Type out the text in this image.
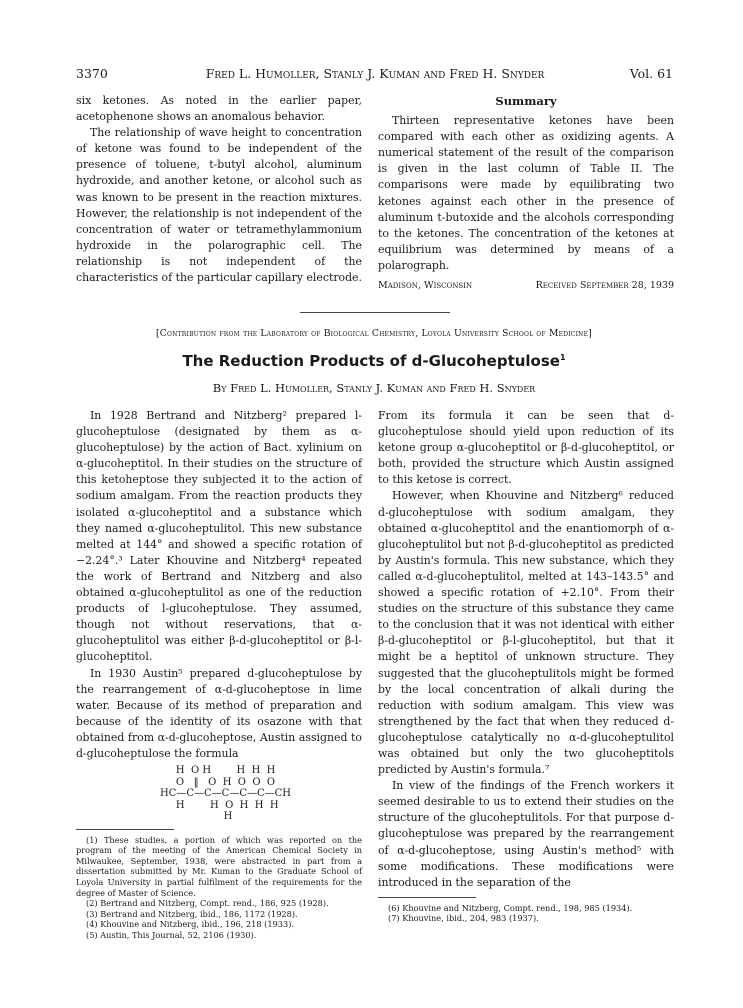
3370	Fred L. Humoller, Stanly J. Kuman and Fred H. Snyder	Vol. 61

six ketones. As noted in the earlier paper, acetophenone shows an anomalous behavior.

The relationship of wave height to concentration of ketone was found to be independent of the presence of toluene, t-butyl alcohol, aluminum hydroxide, and another ketone, or alcohol such as was known to be present in the reaction mixtures. However, the relationship is not independent of the concentration of water or tetramethylammonium hydroxide in the polarographic cell. The relationship is not independent of the characteristics of the particular capillary electrode.

Summary

Thirteen representative ketones have been compared with each other as oxidizing agents. A numerical statement of the result of the comparison is given in the last column of Table II. The comparisons were made by equilibrating two ketones against each other in the presence of aluminum t-butoxide and the alcohols corresponding to the ketones. The concentration of the ketones at equilibrium was determined by means of a polarograph.

Madison, Wisconsin	Received September 28, 1939
[Contribution from the Laboratory of Biological Chemistry, Loyola University School of Medicine]
The Reduction Products of d-Glucoheptulose$^1$
By Fred L. Humoller, Stanly J. Kuman and Fred H. Snyder

In 1928 Bertrand and Nitzberg² prepared l-glucoheptulose (designated by them as α-glucoheptulose) by the action of Bact. xylinium on α-glucoheptitol. In their studies on the structure of this ketoheptose they subjected it to the action of sodium amalgam. From the reaction products they isolated α-glucoheptitol and a substance which they named α-glucoheptulitol. This new substance melted at 144° and showed a specific rotation of −2.24°.³ Later Khouvine and Nitzberg⁴ repeated the work of Bertrand and Nitzberg and also obtained α-glucoheptulitol as one of the reduction products of l-glucoheptulose. They assumed, though not without reservations, that α-glucoheptulitol was either β-d-glucoheptitol or β-l-glucoheptitol.

In 1930 Austin⁵ prepared d-glucoheptulose by the rearrangement of α-d-glucoheptose in lime water. Because of its method of preparation and because of the identity of its osazone with that obtained from α-d-glucoheptose, Austin assigned to d-glucoheptulose the formula

H  O H        H  H  H
O   ‖   O  H  O  O  O
HC—C—C—C—C—C—CH
H        H  O  H  H  H
H

(1) These studies, a portion of which was reported on the program of the meeting of the American Chemical Society in Milwaukee, September, 1938, were abstracted in part from a dissertation submitted by Mr. Kuman to the Graduate School of Loyola University in partial fulfilment of the requirements for the degree of Master of Science.

(2) Bertrand and Nitzberg, Compt. rend., 186, 925 (1928).

(3) Bertrand and Nitzberg, ibid., 186, 1172 (1928).

(4) Khouvine and Nitzberg, ibid., 196, 218 (1933).

(5) Austin, This Journal, 52, 2106 (1930).

From its formula it can be seen that d-glucoheptulose should yield upon reduction of its ketone group α-glucoheptitol or β-d-glucoheptitol, or both, provided the structure which Austin assigned to this ketose is correct.

However, when Khouvine and Nitzberg⁶ reduced d-glucoheptulose with sodium amalgam, they obtained α-glucoheptitol and the enantiomorph of α-glucoheptulitol but not β-d-glucoheptitol as predicted by Austin's formula. This new substance, which they called α-d-glucoheptulitol, melted at 143–143.5° and showed a specific rotation of +2.10°. From their studies on the structure of this substance they came to the conclusion that it was not identical with either β-d-glucoheptitol or β-l-glucoheptitol, but that it might be a heptitol of unknown structure. They suggested that the glucoheptulitols might be formed by the local concentration of alkali during the reduction with sodium amalgam. This view was strengthened by the fact that when they reduced d-glucoheptulose catalytically no α-d-glucoheptulitol was obtained but only the two glucoheptitols predicted by Austin's formula.⁷

In view of the findings of the French workers it seemed desirable to us to extend their studies on the structure of the glucoheptulitols. For that purpose d-glucoheptulose was prepared by the rearrangement of α-d-glucoheptose, using Austin's method⁵ with some modifications. These modifications were introduced in the separation of the

(6) Khouvine and Nitzberg, Compt. rend., 198, 985 (1934).

(7) Khouvine, ibid., 204, 983 (1937).
